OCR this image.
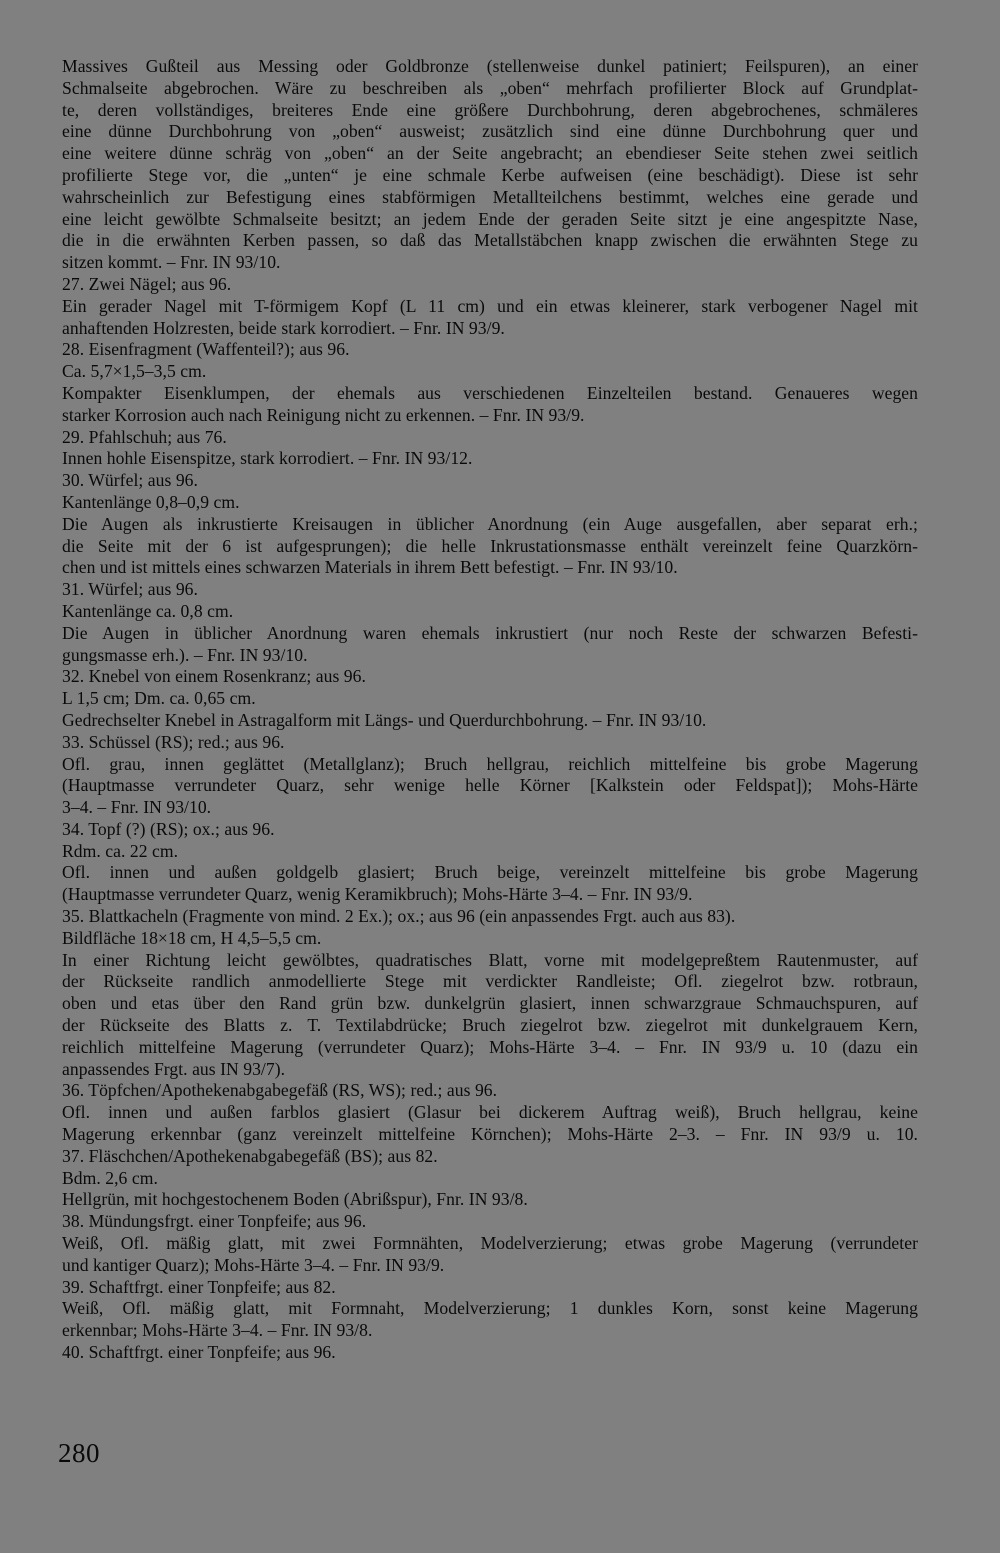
Massives Gußteil aus Messing oder Goldbronze (stellenweise dunkel patiniert; Feilspuren), an einer
Schmalseite abgebrochen. Wäre zu beschreiben als „oben“ mehrfach profilierter Block auf Grundplat-
te, deren vollständiges, breiteres Ende eine größere Durchbohrung, deren abgebrochenes, schmäleres
eine dünne Durchbohrung von „oben“ ausweist; zusätzlich sind eine dünne Durchbohrung quer und
eine weitere dünne schräg von „oben“ an der Seite angebracht; an ebendieser Seite stehen zwei seitlich
profilierte Stege vor, die „unten“ je eine schmale Kerbe aufweisen (eine beschädigt). Diese ist sehr
wahrscheinlich zur Befestigung eines stabförmigen Metallteilchens bestimmt, welches eine gerade und
eine leicht gewölbte Schmalseite besitzt; an jedem Ende der geraden Seite sitzt je eine angespitzte Nase,
die in die erwähnten Kerben passen, so daß das Metallstäbchen knapp zwischen die erwähnten Stege zu
sitzen kommt. – Fnr. IN 93/10.
27. Zwei Nägel; aus 96.
Ein gerader Nagel mit T-förmigem Kopf (L 11 cm) und ein etwas kleinerer, stark verbogener Nagel mit
anhaftenden Holzresten, beide stark korrodiert. – Fnr. IN 93/9.
28. Eisenfragment (Waffenteil?); aus 96.
Ca. 5,7×1,5–3,5 cm.
Kompakter Eisenklumpen, der ehemals aus verschiedenen Einzelteilen bestand. Genaueres wegen
starker Korrosion auch nach Reinigung nicht zu erkennen. – Fnr. IN 93/9.
29. Pfahlschuh; aus 76.
Innen hohle Eisenspitze, stark korrodiert. – Fnr. IN 93/12.
30. Würfel; aus 96.
Kantenlänge 0,8–0,9 cm.
Die Augen als inkrustierte Kreisaugen in üblicher Anordnung (ein Auge ausgefallen, aber separat erh.;
die Seite mit der 6 ist aufgesprungen); die helle Inkrustationsmasse enthält vereinzelt feine Quarzkörn-
chen und ist mittels eines schwarzen Materials in ihrem Bett befestigt. – Fnr. IN 93/10.
31. Würfel; aus 96.
Kantenlänge ca. 0,8 cm.
Die Augen in üblicher Anordnung waren ehemals inkrustiert (nur noch Reste der schwarzen Befesti-
gungsmasse erh.). – Fnr. IN 93/10.
32. Knebel von einem Rosenkranz; aus 96.
L 1,5 cm; Dm. ca. 0,65 cm.
Gedrechselter Knebel in Astragalform mit Längs- und Querdurchbohrung. – Fnr. IN 93/10.
33. Schüssel (RS); red.; aus 96.
Ofl. grau, innen geglättet (Metallglanz); Bruch hellgrau, reichlich mittelfeine bis grobe Magerung
(Hauptmasse verrundeter Quarz, sehr wenige helle Körner [Kalkstein oder Feldspat]); Mohs-Härte
3–4. – Fnr. IN 93/10.
34. Topf (?) (RS); ox.; aus 96.
Rdm. ca. 22 cm.
Ofl. innen und außen goldgelb glasiert; Bruch beige, vereinzelt mittelfeine bis grobe Magerung
(Hauptmasse verrundeter Quarz, wenig Keramikbruch); Mohs-Härte 3–4. – Fnr. IN 93/9.
35. Blattkacheln (Fragmente von mind. 2 Ex.); ox.; aus 96 (ein anpassendes Frgt. auch aus 83).
Bildfläche 18×18 cm, H 4,5–5,5 cm.
In einer Richtung leicht gewölbtes, quadratisches Blatt, vorne mit modelgepreßtem Rautenmuster, auf
der Rückseite randlich anmodellierte Stege mit verdickter Randleiste; Ofl. ziegelrot bzw. rotbraun,
oben und etas über den Rand grün bzw. dunkelgrün glasiert, innen schwarzgraue Schmauchspuren, auf
der Rückseite des Blatts z. T. Textilabdrücke; Bruch ziegelrot bzw. ziegelrot mit dunkelgrauem Kern,
reichlich mittelfeine Magerung (verrundeter Quarz); Mohs-Härte 3–4. – Fnr. IN 93/9 u. 10 (dazu ein
anpassendes Frgt. aus IN 93/7).
36. Töpfchen/Apothekenabgabegefäß (RS, WS); red.; aus 96.
Ofl. innen und außen farblos glasiert (Glasur bei dickerem Auftrag weiß), Bruch hellgrau, keine
Magerung erkennbar (ganz vereinzelt mittelfeine Körnchen); Mohs-Härte 2–3. – Fnr. IN 93/9 u. 10.
37. Fläschchen/Apothekenabgabegefäß (BS); aus 82.
Bdm. 2,6 cm.
Hellgrün, mit hochgestochenem Boden (Abrißspur), Fnr. IN 93/8.
38. Mündungsfrgt. einer Tonpfeife; aus 96.
Weiß, Ofl. mäßig glatt, mit zwei Formnähten, Modelverzierung; etwas grobe Magerung (verrundeter
und kantiger Quarz); Mohs-Härte 3–4. – Fnr. IN 93/9.
39. Schaftfrgt. einer Tonpfeife; aus 82.
Weiß, Ofl. mäßig glatt, mit Formnaht, Modelverzierung; 1 dunkles Korn, sonst keine Magerung
erkennbar; Mohs-Härte 3–4. – Fnr. IN 93/8.
40. Schaftfrgt. einer Tonpfeife; aus 96.
280
